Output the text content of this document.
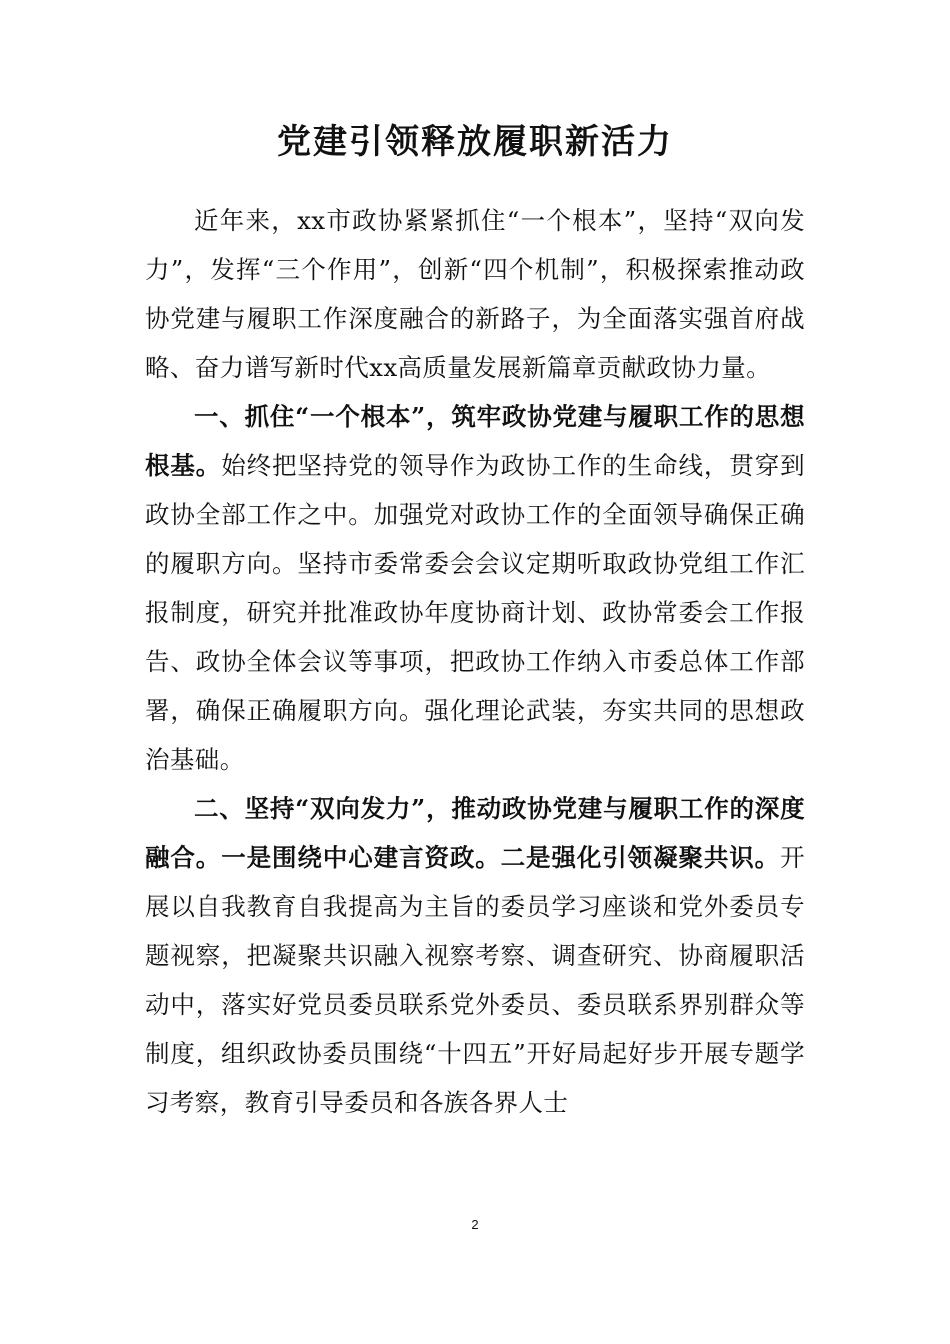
党建引领释放履职新活力

近年来，xx市政协紧紧抓住“一个根本”，坚持“双向发力”，发挥“三个作用”，创新“四个机制”，积极探索推动政协党建与履职工作深度融合的新路子，为全面落实强首府战略、奋力谱写新时代xx高质量发展新篇章贡献政协力量。

一、抓住“一个根本”，筑牢政协党建与履职工作的思想根基。始终把坚持党的领导作为政协工作的生命线，贯穿到政协全部工作之中。加强党对政协工作的全面领导确保正确的履职方向。坚持市委常委会会议定期听取政协党组工作汇报制度，研究并批准政协年度协商计划、政协常委会工作报告、政协全体会议等事项，把政协工作纳入市委总体工作部署，确保正确履职方向。强化理论武装，夯实共同的思想政治基础。

二、坚持“双向发力”，推动政协党建与履职工作的深度融合。一是围绕中心建言资政。二是强化引领凝聚共识。开展以自我教育自我提高为主旨的委员学习座谈和党外委员专题视察，把凝聚共识融入视察考察、调查研究、协商履职活动中，落实好党员委员联系党外委员、委员联系界别群众等制度，组织政协委员围绕“十四五”开好局起好步开展专题学习考察，教育引导委员和各族各界人士

2
